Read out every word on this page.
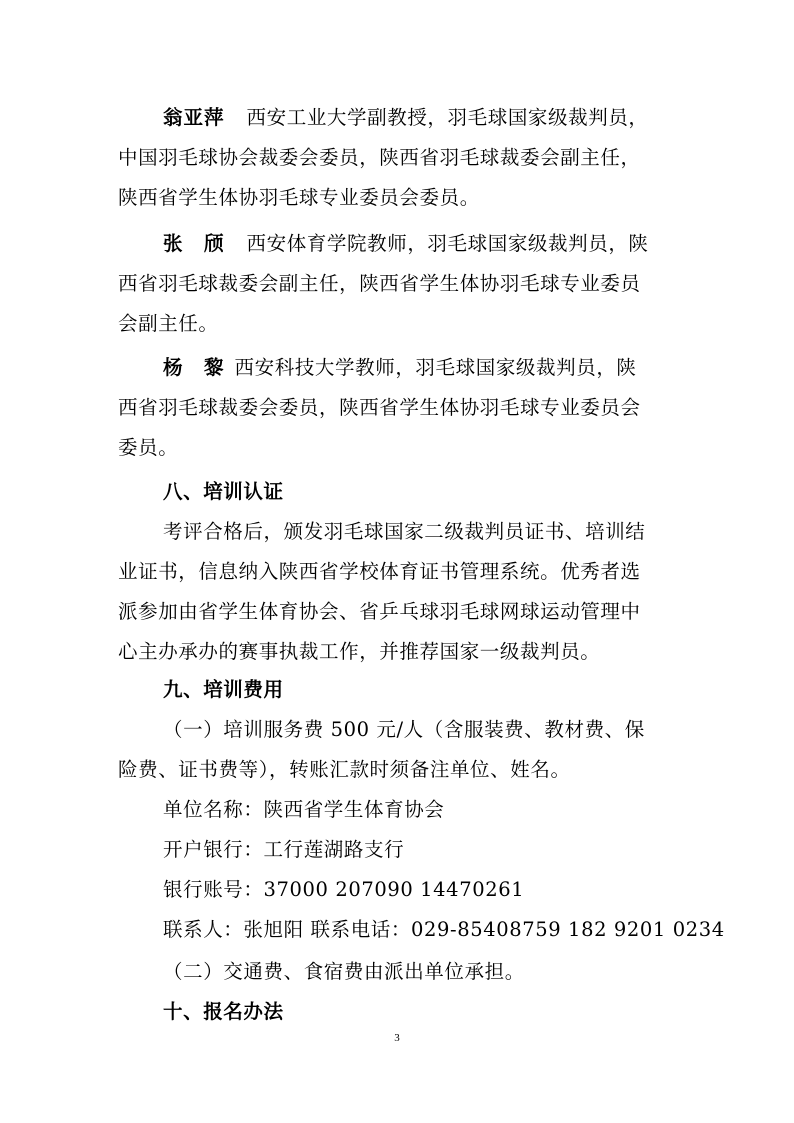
翁亚萍 西安工业大学副教授，羽毛球国家级裁判员，
中国羽毛球协会裁委会委员，陕西省羽毛球裁委会副主任，
陕西省学生体协羽毛球专业委员会委员。
张　颀 西安体育学院教师，羽毛球国家级裁判员，陕
西省羽毛球裁委会副主任，陕西省学生体协羽毛球专业委员
会副主任。
杨　黎 西安科技大学教师，羽毛球国家级裁判员，陕
西省羽毛球裁委会委员，陕西省学生体协羽毛球专业委员会
委员。
八、培训认证
考评合格后，颁发羽毛球国家二级裁判员证书、培训结
业证书，信息纳入陕西省学校体育证书管理系统。优秀者选
派参加由省学生体育协会、省乒乓球羽毛球网球运动管理中
心主办承办的赛事执裁工作，并推荐国家一级裁判员。
九、培训费用
（一）培训服务费 500 元/人（含服装费、教材费、保
险费、证书费等），转账汇款时须备注单位、姓名。
单位名称：陕西省学生体育协会
开户银行：工行莲湖路支行
银行账号：37000 207090 14470261
联系人：张旭阳 联系电话：029-85408759 182 9201 0234
（二）交通费、食宿费由派出单位承担。
十、报名办法
3
